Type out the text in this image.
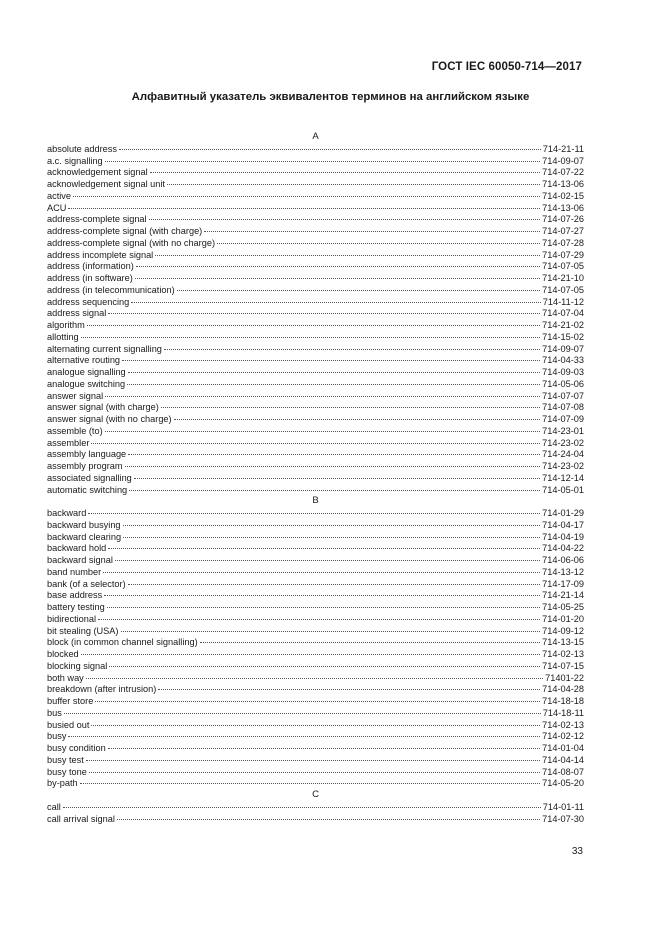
ГОСТ IEC 60050-714—2017
Алфавитный указатель эквивалентов терминов на английском языке
A
absolute address	714-21-11
a.c. signalling	714-09-07
acknowledgement signal	714-07-22
acknowledgement signal unit	714-13-06
active	714-02-15
ACU	714-13-06
address-complete signal	714-07-26
address-complete signal (with charge)	714-07-27
address-complete signal (with no charge)	714-07-28
address incomplete signal	714-07-29
address (information)	714-07-05
address (in software)	714-21-10
address (in telecommunication)	714-07-05
address sequencing	714-11-12
address signal	714-07-04
algorithm	714-21-02
allotting	714-15-02
alternating current signalling	714-09-07
alternative routing	714-04-33
analogue signalling	714-09-03
analogue switching	714-05-06
answer signal	714-07-07
answer signal (with charge)	714-07-08
answer signal (with no charge)	714-07-09
assemble (to)	714-23-01
assembler	714-23-02
assembly language	714-24-04
assembly program	714-23-02
associated signalling	714-12-14
automatic switching	714-05-01
B
backward	714-01-29
backward busying	714-04-17
backward clearing	714-04-19
backward hold	714-04-22
backward signal	714-06-06
band number	714-13-12
bank (of a selector)	714-17-09
base address	714-21-14
battery testing	714-05-25
bidirectional	714-01-20
bit stealing (USA)	714-09-12
block (in common channel signalling)	714-13-15
blocked	714-02-13
blocking signal	714-07-15
both way	71401-22
breakdown (after intrusion)	714-04-28
buffer store	714-18-18
bus	714-18-11
busied out	714-02-13
busy	714-02-12
busy condition	714-01-04
busy test	714-04-14
busy tone	714-08-07
by-path	714-05-20
C
call	714-01-11
call arrival signal	714-07-30
33
